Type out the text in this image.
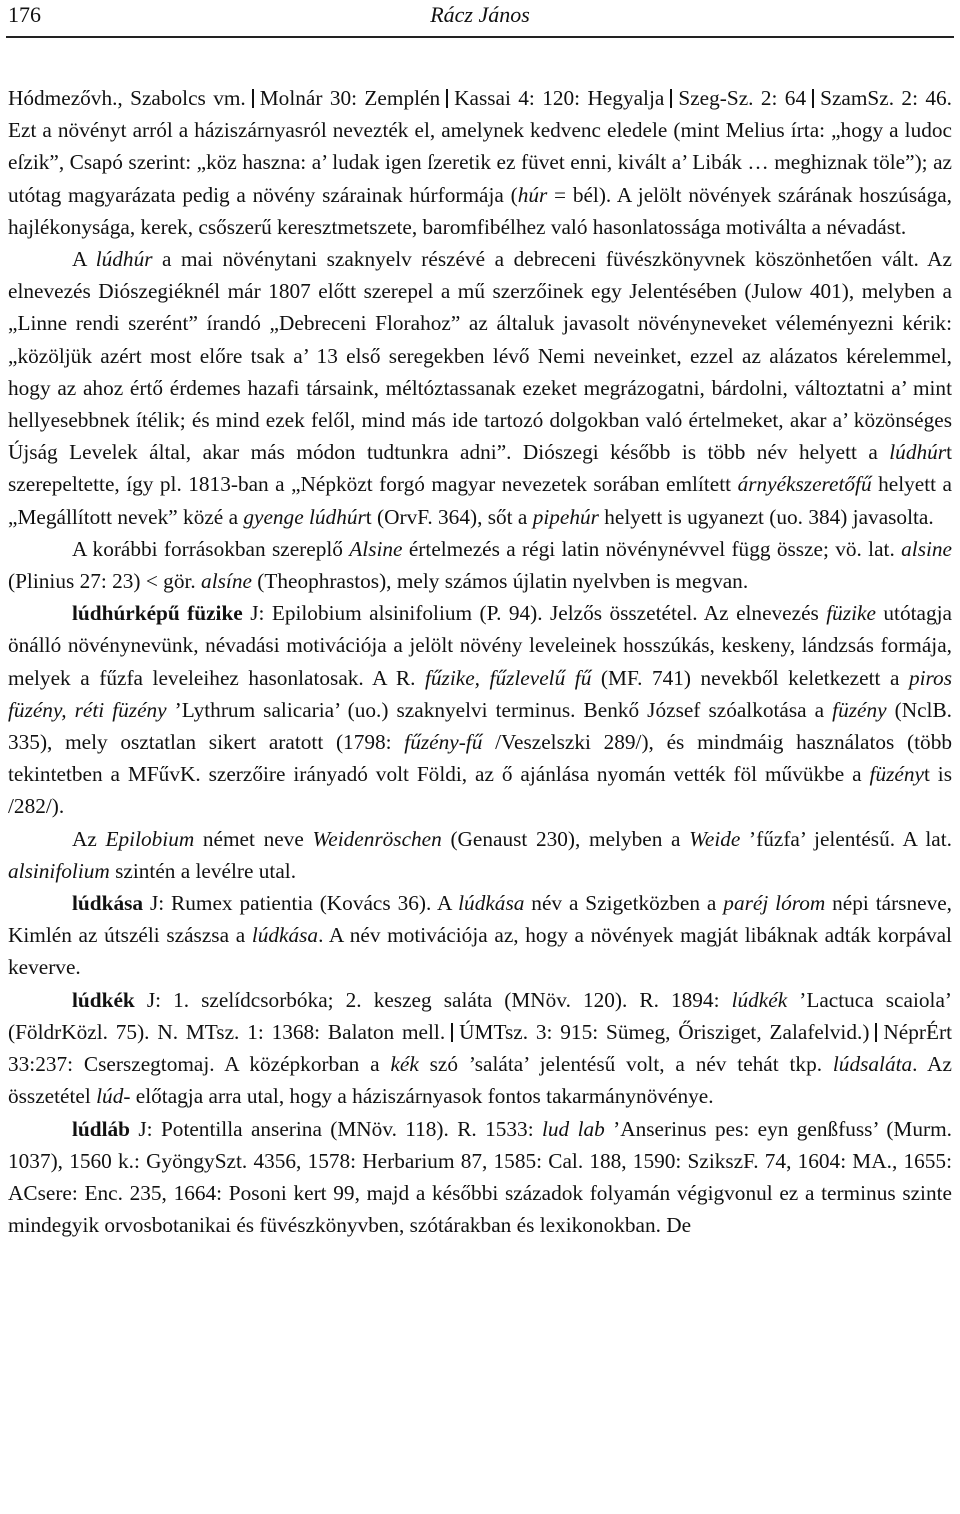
176	Rácz János

Hódmezővh., Szabolcs vm. Molnár 30: Zemplén Kassai 4: 120: Hegyalja Szeg-Sz. 2: 64 SzamSz. 2: 46. Ezt a növényt arról a háziszárnyasról nevezték el, amelynek kedvenc eledele (mint Melius írta: „hogy a ludoc eſzik”, Csapó szerint: „köz haszna: a’ ludak igen ſzeretik ez füvet enni, kivált a’ Libák … meghiznak töle”); az utótag magyarázata pedig a növény szárainak húrformája (húr = bél). A jelölt növények szárának hoszúsága, hajlékonysága, kerek, csőszerű keresztmetszete, baromfibélhez való hasonlatossága motiválta a névadást.

A lúdhúr a mai növénytani szaknyelv részévé a debreceni füvészkönyvnek köszönhetően vált. Az elnevezés Diószegiéknél már 1807 előtt szerepel a mű szerzőinek egy Jelentésében (Julow 401), melyben a „Linne rendi szerént” írandó „Debreceni Florahoz” az általuk javasolt növényneveket véleményezni kérik: „közöljük azért most előre tsak a’ 13 első seregekben lévő Nemi neveinket, ezzel az alázatos kérelemmel, hogy az ahoz értő érdemes hazafi társaink, méltóztassanak ezeket megrázogatni, bárdolni, változtatni a’ mint hellyesebbnek ítélik; és mind ezek felől, mind más ide tartozó dolgokban való értelmeket, akar a’ közönséges Újság Levelek által, akar más módon tudtunkra adni”. Diószegi később is több név helyett a lúdhúrt szerepeltette, így pl. 1813-ban a „Népközt forgó magyar nevezetek sorában említett árnyékszeretőfű helyett a „Megállított nevek” közé a gyenge lúdhúrt (OrvF. 364), sőt a pipehúr helyett is ugyanezt (uo. 384) javasolta.

A korábbi forrásokban szereplő Alsine értelmezés a régi latin növénynévvel függ össze; vö. lat. alsine (Plinius 27: 23) < gör. alsíne (Theophrastos), mely számos újlatin nyelvben is megvan.

lúdhúrképű füzike J: Epilobium alsinifolium (P. 94). Jelzős összetétel. Az elnevezés füzike utótagja önálló növénynevünk, névadási motivációja a jelölt növény leveleinek hosszúkás, keskeny, lándzsás formája, melyek a fűzfa leveleihez hasonlatosak. A R. fűzike, fűzlevelű fű (MF. 741) nevekből keletkezett a piros füzény, réti füzény ’Lythrum salicaria’ (uo.) szaknyelvi terminus. Benkő József szóalkotása a füzény (NclB. 335), mely osztatlan sikert aratott (1798: fűzény-fű /Veszelszki 289/), és mindmáig használatos (több tekintetben a MFűvK. szerzőire irányadó volt Földi, az ő ajánlása nyomán vették föl művükbe a füzényt is /282/).

Az Epilobium német neve Weidenröschen (Genaust 230), melyben a Weide ’fűzfa’ jelentésű. A lat. alsinifolium szintén a levélre utal.

lúdkása J: Rumex patientia (Kovács 36). A lúdkása név a Szigetközben a paréj lórom népi társneve, Kimlén az útszéli szászsa a lúdkása. A név motivációja az, hogy a növények magját libáknak adták korpával keverve.

lúdkék J: 1. szelídcsorbóka; 2. keszeg saláta (MNöv. 120). R. 1894: lúdkék ’Lactuca scaiola’ (FöldrKözl. 75). N. MTsz. 1: 1368: Balaton mell. ÚMTsz. 3: 915: Sümeg, Őrisziget, Zalafelvid.) NéprÉrt 33:237: Cserszegtomaj. A középkorban a kék szó ’saláta’ jelentésű volt, a név tehát tkp. lúdsaláta. Az összetétel lúd- előtagja arra utal, hogy a háziszárnyasok fontos takarmánynövénye.

lúdláb J: Potentilla anserina (MNöv. 118). R. 1533: lud lab ’Anserinus pes: eyn genßfuss’ (Murm. 1037), 1560 k.: GyöngySzt. 4356, 1578: Herbarium 87, 1585: Cal. 188, 1590: SzikszF. 74, 1604: MA., 1655: ACsere: Enc. 235, 1664: Posoni kert 99, majd a későbbi századok folyamán végigvonul ez a terminus szinte mindegyik orvosbotanikai és füvészkönyvben, szótárakban és lexikonokban. De
